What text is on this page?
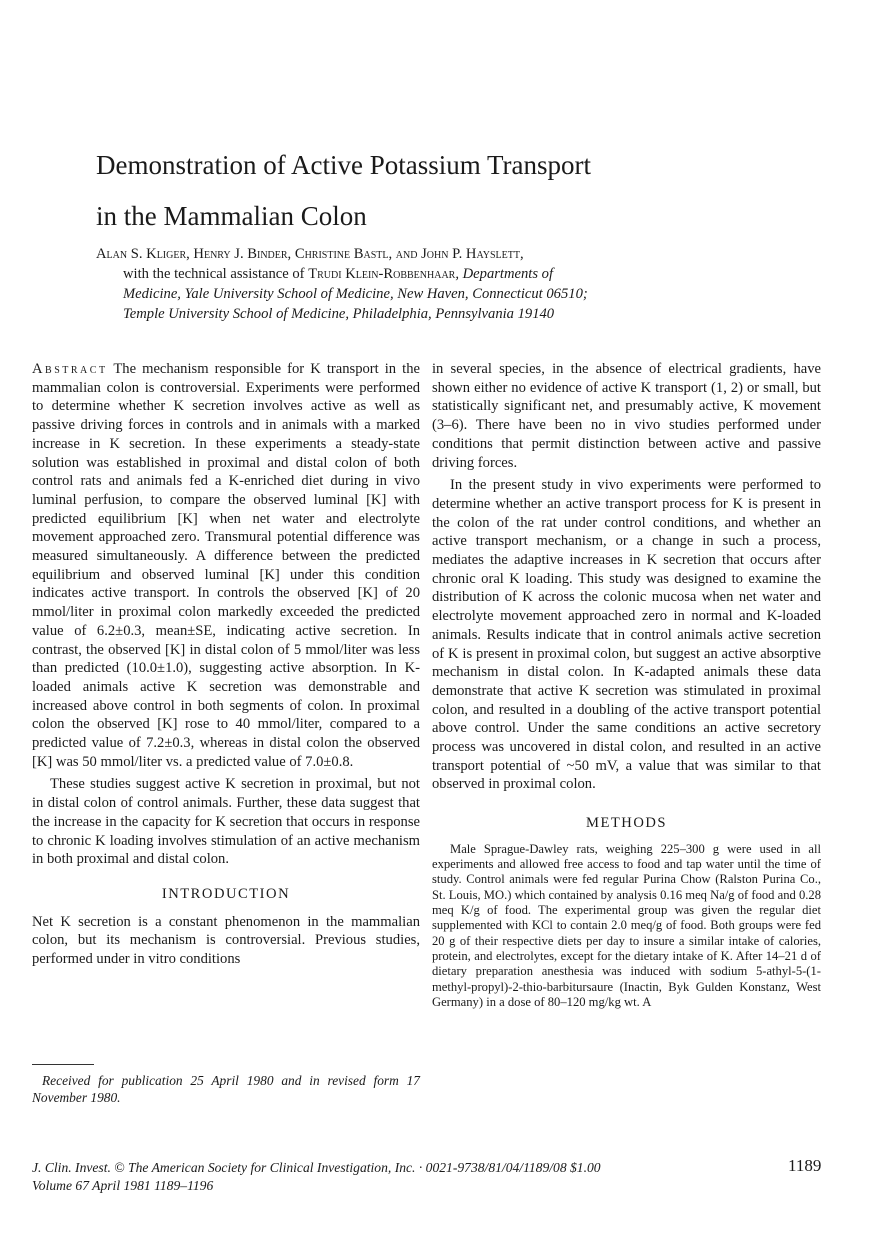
Demonstration of Active Potassium Transport
in the Mammalian Colon
Alan S. Kliger, Henry J. Binder, Christine Bastl, and John P. Hayslett,
with the technical assistance of Trudi Klein-Robbenhaar, Departments of
Medicine, Yale University School of Medicine, New Haven, Connecticut 06510;
Temple University School of Medicine, Philadelphia, Pennsylvania 19140

Abstract The mechanism responsible for K transport in the mammalian colon is controversial. Experiments were performed to determine whether K secretion involves active as well as passive driving forces in controls and in animals with a marked increase in K secretion. In these experiments a steady-state solution was established in proximal and distal colon of both control rats and animals fed a K-enriched diet during in vivo luminal perfusion, to compare the observed luminal [K] with predicted equilibrium [K] when net water and electrolyte movement approached zero. Transmural potential difference was measured simultaneously. A difference between the predicted equilibrium and observed luminal [K] under this condition indicates active transport. In controls the observed [K] of 20 mmol/liter in proximal colon markedly exceeded the predicted value of 6.2±0.3, mean±SE, indicating active secretion. In contrast, the observed [K] in distal colon of 5 mmol/liter was less than predicted (10.0±1.0), suggesting active absorption. In K-loaded animals active K secretion was demonstrable and increased above control in both segments of colon. In proximal colon the observed [K] rose to 40 mmol/liter, compared to a predicted value of 7.2±0.3, whereas in distal colon the observed [K] was 50 mmol/liter vs. a predicted value of 7.0±0.8.

These studies suggest active K secretion in proximal, but not in distal colon of control animals. Further, these data suggest that the increase in the capacity for K secretion that occurs in response to chronic K loading involves stimulation of an active mechanism in both proximal and distal colon.

INTRODUCTION

Net K secretion is a constant phenomenon in the mammalian colon, but its mechanism is controversial. Previous studies, performed under in vitro conditions

in several species, in the absence of electrical gradients, have shown either no evidence of active K transport (1, 2) or small, but statistically significant net, and presumably active, K movement (3–6). There have been no in vivo studies performed under conditions that permit distinction between active and passive driving forces.

In the present study in vivo experiments were performed to determine whether an active transport process for K is present in the colon of the rat under control conditions, and whether an active transport mechanism, or a change in such a process, mediates the adaptive increases in K secretion that occurs after chronic oral K loading. This study was designed to examine the distribution of K across the colonic mucosa when net water and electrolyte movement approached zero in normal and K-loaded animals. Results indicate that in control animals active secretion of K is present in proximal colon, but suggest an active absorptive mechanism in distal colon. In K-adapted animals these data demonstrate that active K secretion was stimulated in proximal colon, and resulted in a doubling of the active transport potential above control. Under the same conditions an active secretory process was uncovered in distal colon, and resulted in an active transport potential of ~50 mV, a value that was similar to that observed in proximal colon.

METHODS

Male Sprague-Dawley rats, weighing 225–300 g were used in all experiments and allowed free access to food and tap water until the time of study. Control animals were fed regular Purina Chow (Ralston Purina Co., St. Louis, MO.) which contained by analysis 0.16 meq Na/g of food and 0.28 meq K/g of food. The experimental group was given the regular diet supplemented with KCl to contain 2.0 meq/g of food. Both groups were fed 20 g of their respective diets per day to insure a similar intake of calories, protein, and electrolytes, except for the dietary intake of K. After 14–21 d of dietary preparation anesthesia was induced with sodium 5-athyl-5-(1-methyl-propyl)-2-thio-barbitursaure (Inactin, Byk Gulden Konstanz, West Germany) in a dose of 80–120 mg/kg wt. A

Received for publication 25 April 1980 and in revised form 17 November 1980.
J. Clin. Invest. © The American Society for Clinical Investigation, Inc. · 0021-9738/81/04/1189/08 $1.00
Volume 67 April 1981 1189–1196
1189
